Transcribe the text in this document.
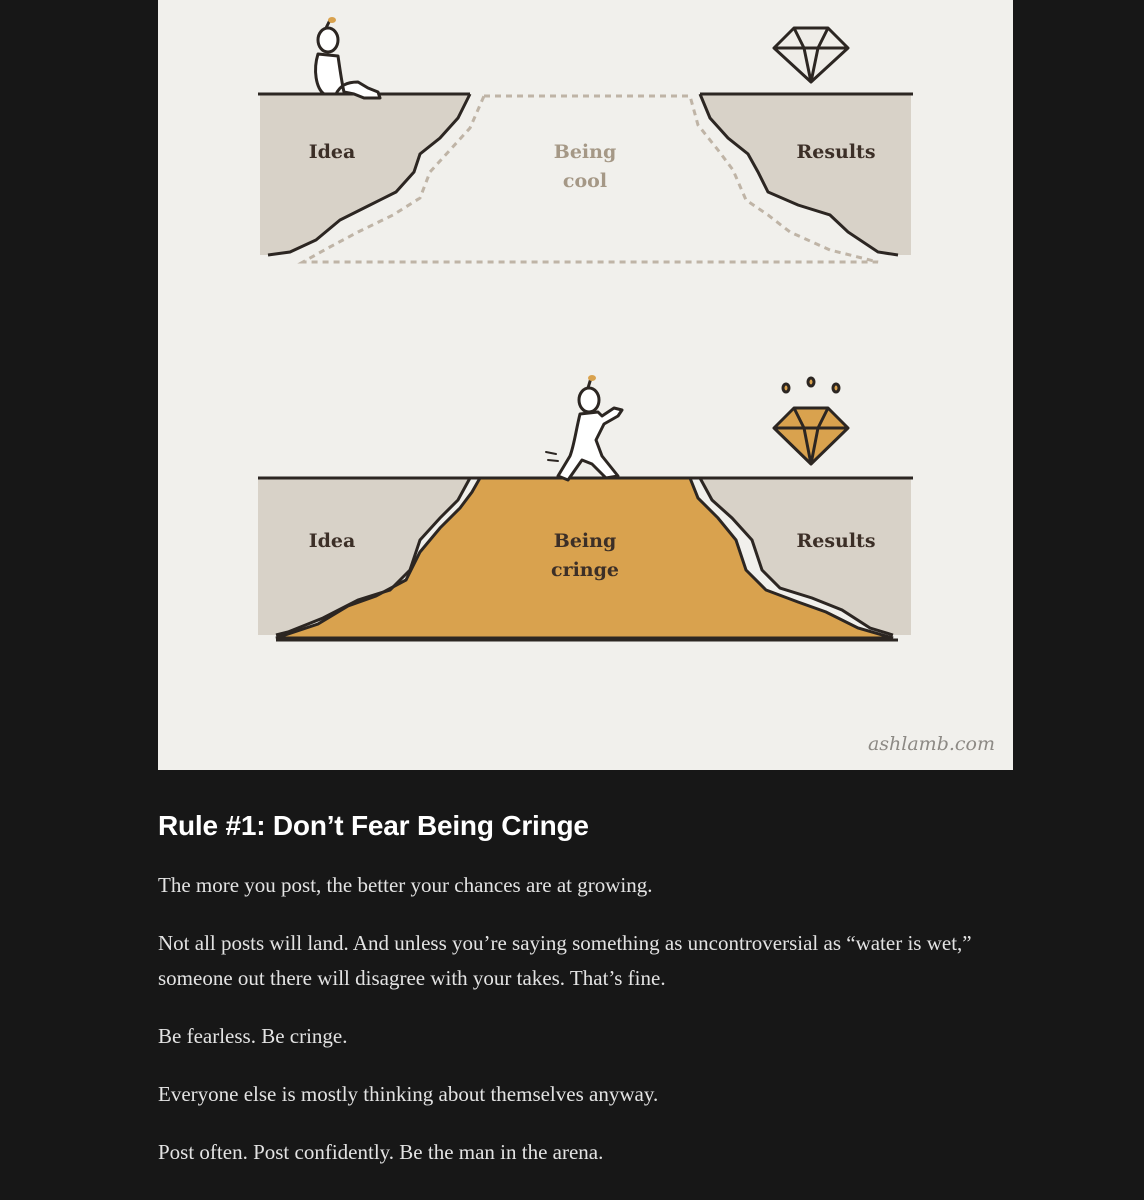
Idea	Being
cool
Results
Idea	Being
cringe
Results
ashlamb.com
Rule #1: Don’t Fear Being Cringe

The more you post, the better your chances are at growing.

Not all posts will land. And unless you’re saying something as uncontroversial as “water is wet,” someone out there will disagree with your takes. That’s fine.

Be fearless. Be cringe.

Everyone else is mostly thinking about themselves anyway.

Post often. Post confidently. Be the man in the arena.
